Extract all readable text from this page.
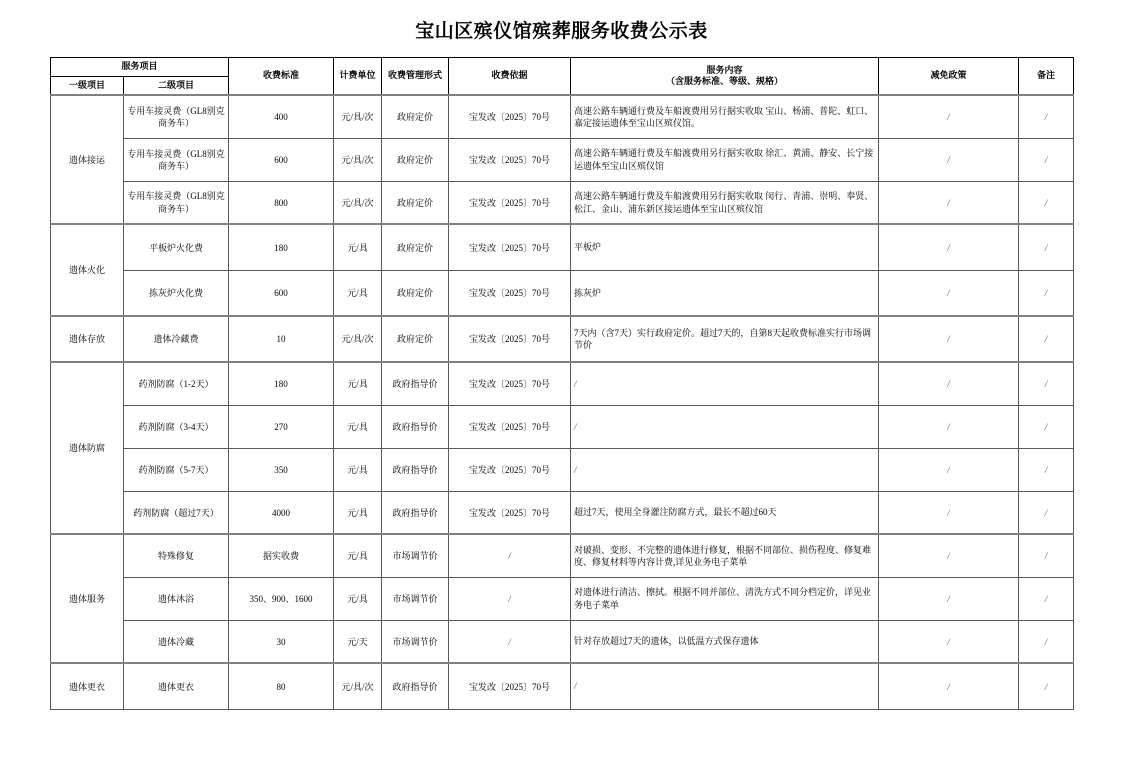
宝山区殡仪馆殡葬服务收费公示表
服务项目		收费标准	计费单位	收费管理形式	收费依据	服务内容
（含服务标准、等级、规格）	减免政策	备注
一级项目	二级项目							
遗体接运	专用车接灵费（GL8别克商务车）	400	元/具/次	政府定价	宝发改〔2025〕70号	高速公路车辆通行费及车船渡费用另行据实收取 宝山、杨浦、普陀、虹口、嘉定接运遗体至宝山区殡仪馆。	/	/
	专用车接灵费（GL8别克商务车）	600	元/具/次	政府定价	宝发改〔2025〕70号	高速公路车辆通行费及车船渡费用另行据实收取 徐汇、黄浦、静安、长宁接运遗体至宝山区殡仪馆	/	/
	专用车接灵费（GL8别克商务车）	800	元/具/次	政府定价	宝发改〔2025〕70号	高速公路车辆通行费及车船渡费用另行据实收取 闵行、青浦、崇明、奉贤、松江、金山、浦东新区接运遗体至宝山区殡仪馆	/	/
遗体火化	平板炉火化费	180	元/具	政府定价	宝发改〔2025〕70号	平板炉	/	/
	拣灰炉火化费	600	元/具	政府定价	宝发改〔2025〕70号	拣灰炉	/	/
遗体存放	遗体冷藏费	10	元/具/次	政府定价	宝发改〔2025〕70号	7天内（含7天）实行政府定价。超过7天的，自第8天起收费标准实行市场调节价	/	/
遗体防腐	药剂防腐（1-2天）	180	元/具	政府指导价	宝发改〔2025〕70号	/	/	/
	药剂防腐（3-4天）	270	元/具	政府指导价	宝发改〔2025〕70号	/	/	/
	药剂防腐（5-7天）	350	元/具	政府指导价	宝发改〔2025〕70号	/	/	/
	药剂防腐（超过7天）	4000	元/具	政府指导价	宝发改〔2025〕70号	超过7天，使用全身灌注防腐方式，最长不超过60天	/	/
遗体服务	特殊修复	据实收费	元/具	市场调节价	/	对破损、变形、不完整的遗体进行修复，根据不同部位、损伤程度、修复难度、修复材料等内容计费,详见业务电子菜单	/	/
	遗体沐浴	350、900、1600	元/具	市场调节价	/	对遗体进行清洁、擦拭。根据不同并部位、清洗方式不同分档定价，详见业务电子菜单	/	/
	遗体冷藏	30	元/天	市场调节价	/	针对存放超过7天的遗体，以低温方式保存遗体	/	/
遗体更衣	遗体更衣	80	元/具/次	政府指导价	宝发改〔2025〕70号	/	/	/
